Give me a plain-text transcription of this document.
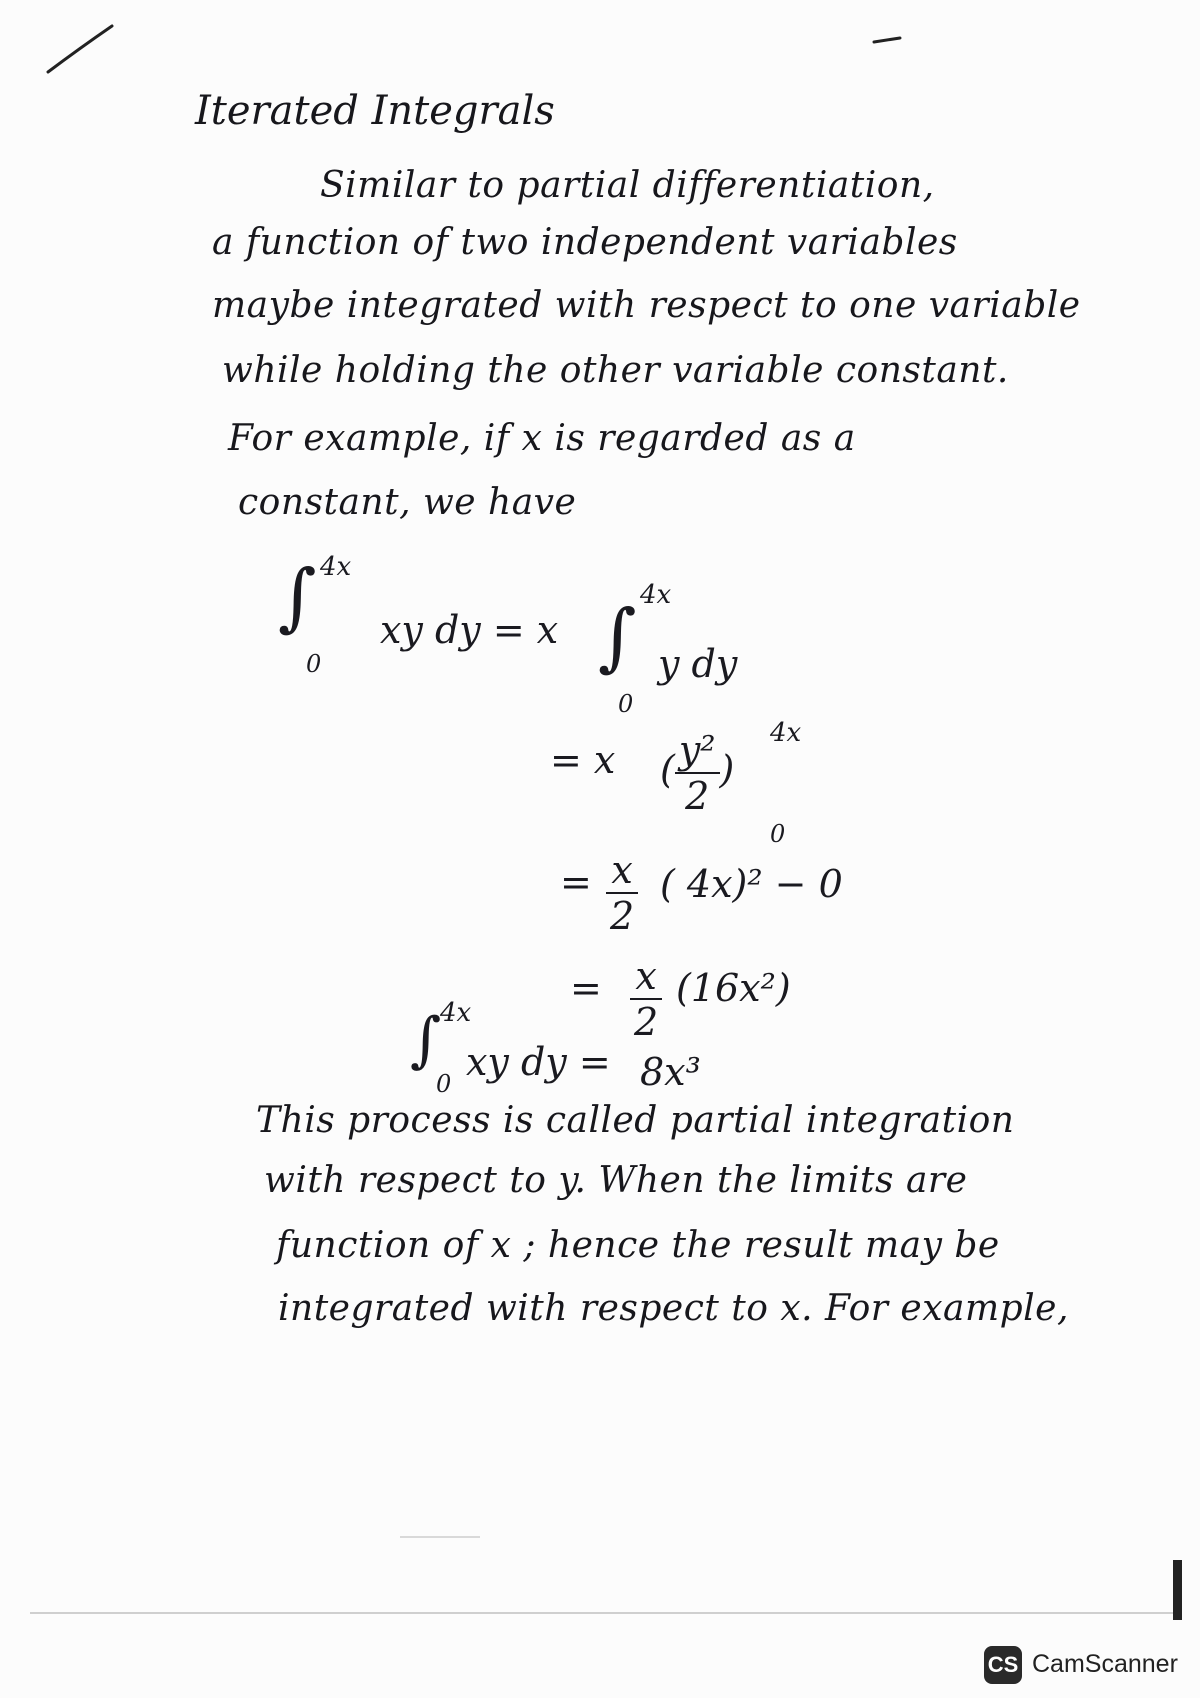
Iterated Integrals
Similar to partial differentiation,
a function of two independent variables
maybe integrated with respect to one variable
while holding the other variable constant.
For example, if x is regarded as a
constant, we have
∫ 4x
0
xy dy = x ∫ 4x
0
y dy
= x ( $\frac{\text{y²}}{2}$ )
4x
0
= $\frac{x}{2}$ ( 4x)² − 0
= $\frac{x}{2} (16x^2)$
∫
4x
0 xy dy = 8x³
This process is called partial integration
with respect to y. When the limits are
function of x ; hence the result may be
integrated with respect to x. For example,
CS CamScanner
